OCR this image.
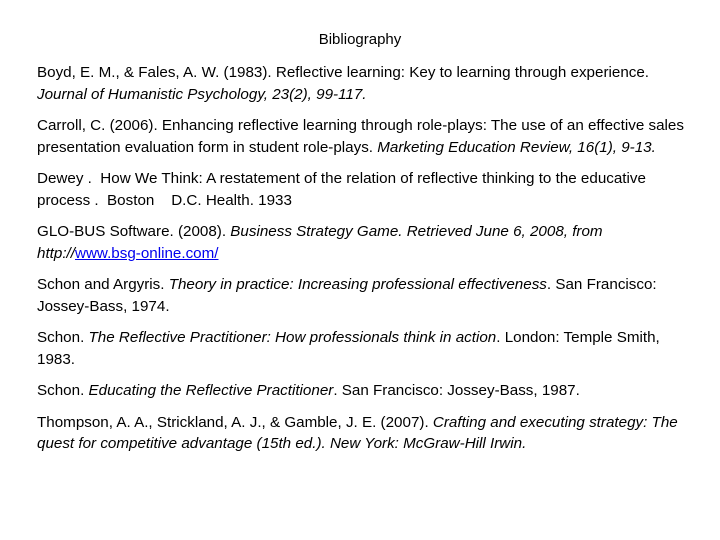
Bibliography
Boyd, E. M., & Fales, A. W. (1983). Reflective learning: Key to learning through experience. Journal of Humanistic Psychology, 23(2), 99-117.
Carroll, C. (2006). Enhancing reflective learning through role-plays: The use of an effective sales presentation evaluation form in student role-plays. Marketing Education Review, 16(1), 9-13.
Dewey .  How We Think: A restatement of the relation of reflective thinking to the educative process .  Boston    D.C. Health. 1933
GLO-BUS Software. (2008). Business Strategy Game. Retrieved June 6, 2008, from http://www.bsg-online.com/
Schon and Argyris. Theory in practice: Increasing professional effectiveness. San Francisco: Jossey-Bass, 1974.
Schon. The Reflective Practitioner: How professionals think in action. London: Temple Smith, 1983.
Schon. Educating the Reflective Practitioner. San Francisco: Jossey-Bass, 1987.
Thompson, A. A., Strickland, A. J., & Gamble, J. E. (2007). Crafting and executing strategy: The quest for competitive advantage (15th ed.). New York: McGraw-Hill Irwin.
